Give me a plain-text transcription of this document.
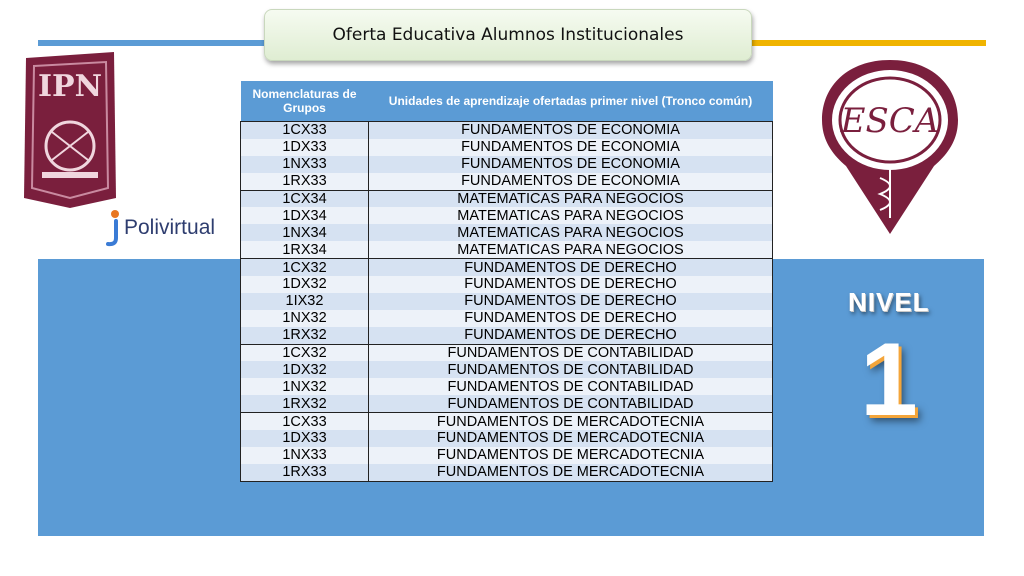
Oferta Educativa Alumnos Institucionales
IPN
Polivirtual
ESCA
NIVEL
1
Nomenclaturas de Grupos	Unidades de aprendizaje ofertadas primer nivel (Tronco común)
1CX33	FUNDAMENTOS DE ECONOMIA
1DX33	FUNDAMENTOS DE ECONOMIA
1NX33	FUNDAMENTOS DE ECONOMIA
1RX33	FUNDAMENTOS DE ECONOMIA
1CX34	MATEMATICAS PARA NEGOCIOS
1DX34	MATEMATICAS PARA NEGOCIOS
1NX34	MATEMATICAS PARA NEGOCIOS
1RX34	MATEMATICAS PARA NEGOCIOS
1CX32	FUNDAMENTOS DE DERECHO
1DX32	FUNDAMENTOS DE DERECHO
1IX32	FUNDAMENTOS DE DERECHO
1NX32	FUNDAMENTOS DE DERECHO
1RX32	FUNDAMENTOS DE DERECHO
1CX32	FUNDAMENTOS DE CONTABILIDAD
1DX32	FUNDAMENTOS DE CONTABILIDAD
1NX32	FUNDAMENTOS DE CONTABILIDAD
1RX32	FUNDAMENTOS DE CONTABILIDAD
1CX33	FUNDAMENTOS DE MERCADOTECNIA
1DX33	FUNDAMENTOS DE MERCADOTECNIA
1NX33	FUNDAMENTOS DE MERCADOTECNIA
1RX33	FUNDAMENTOS DE MERCADOTECNIA
